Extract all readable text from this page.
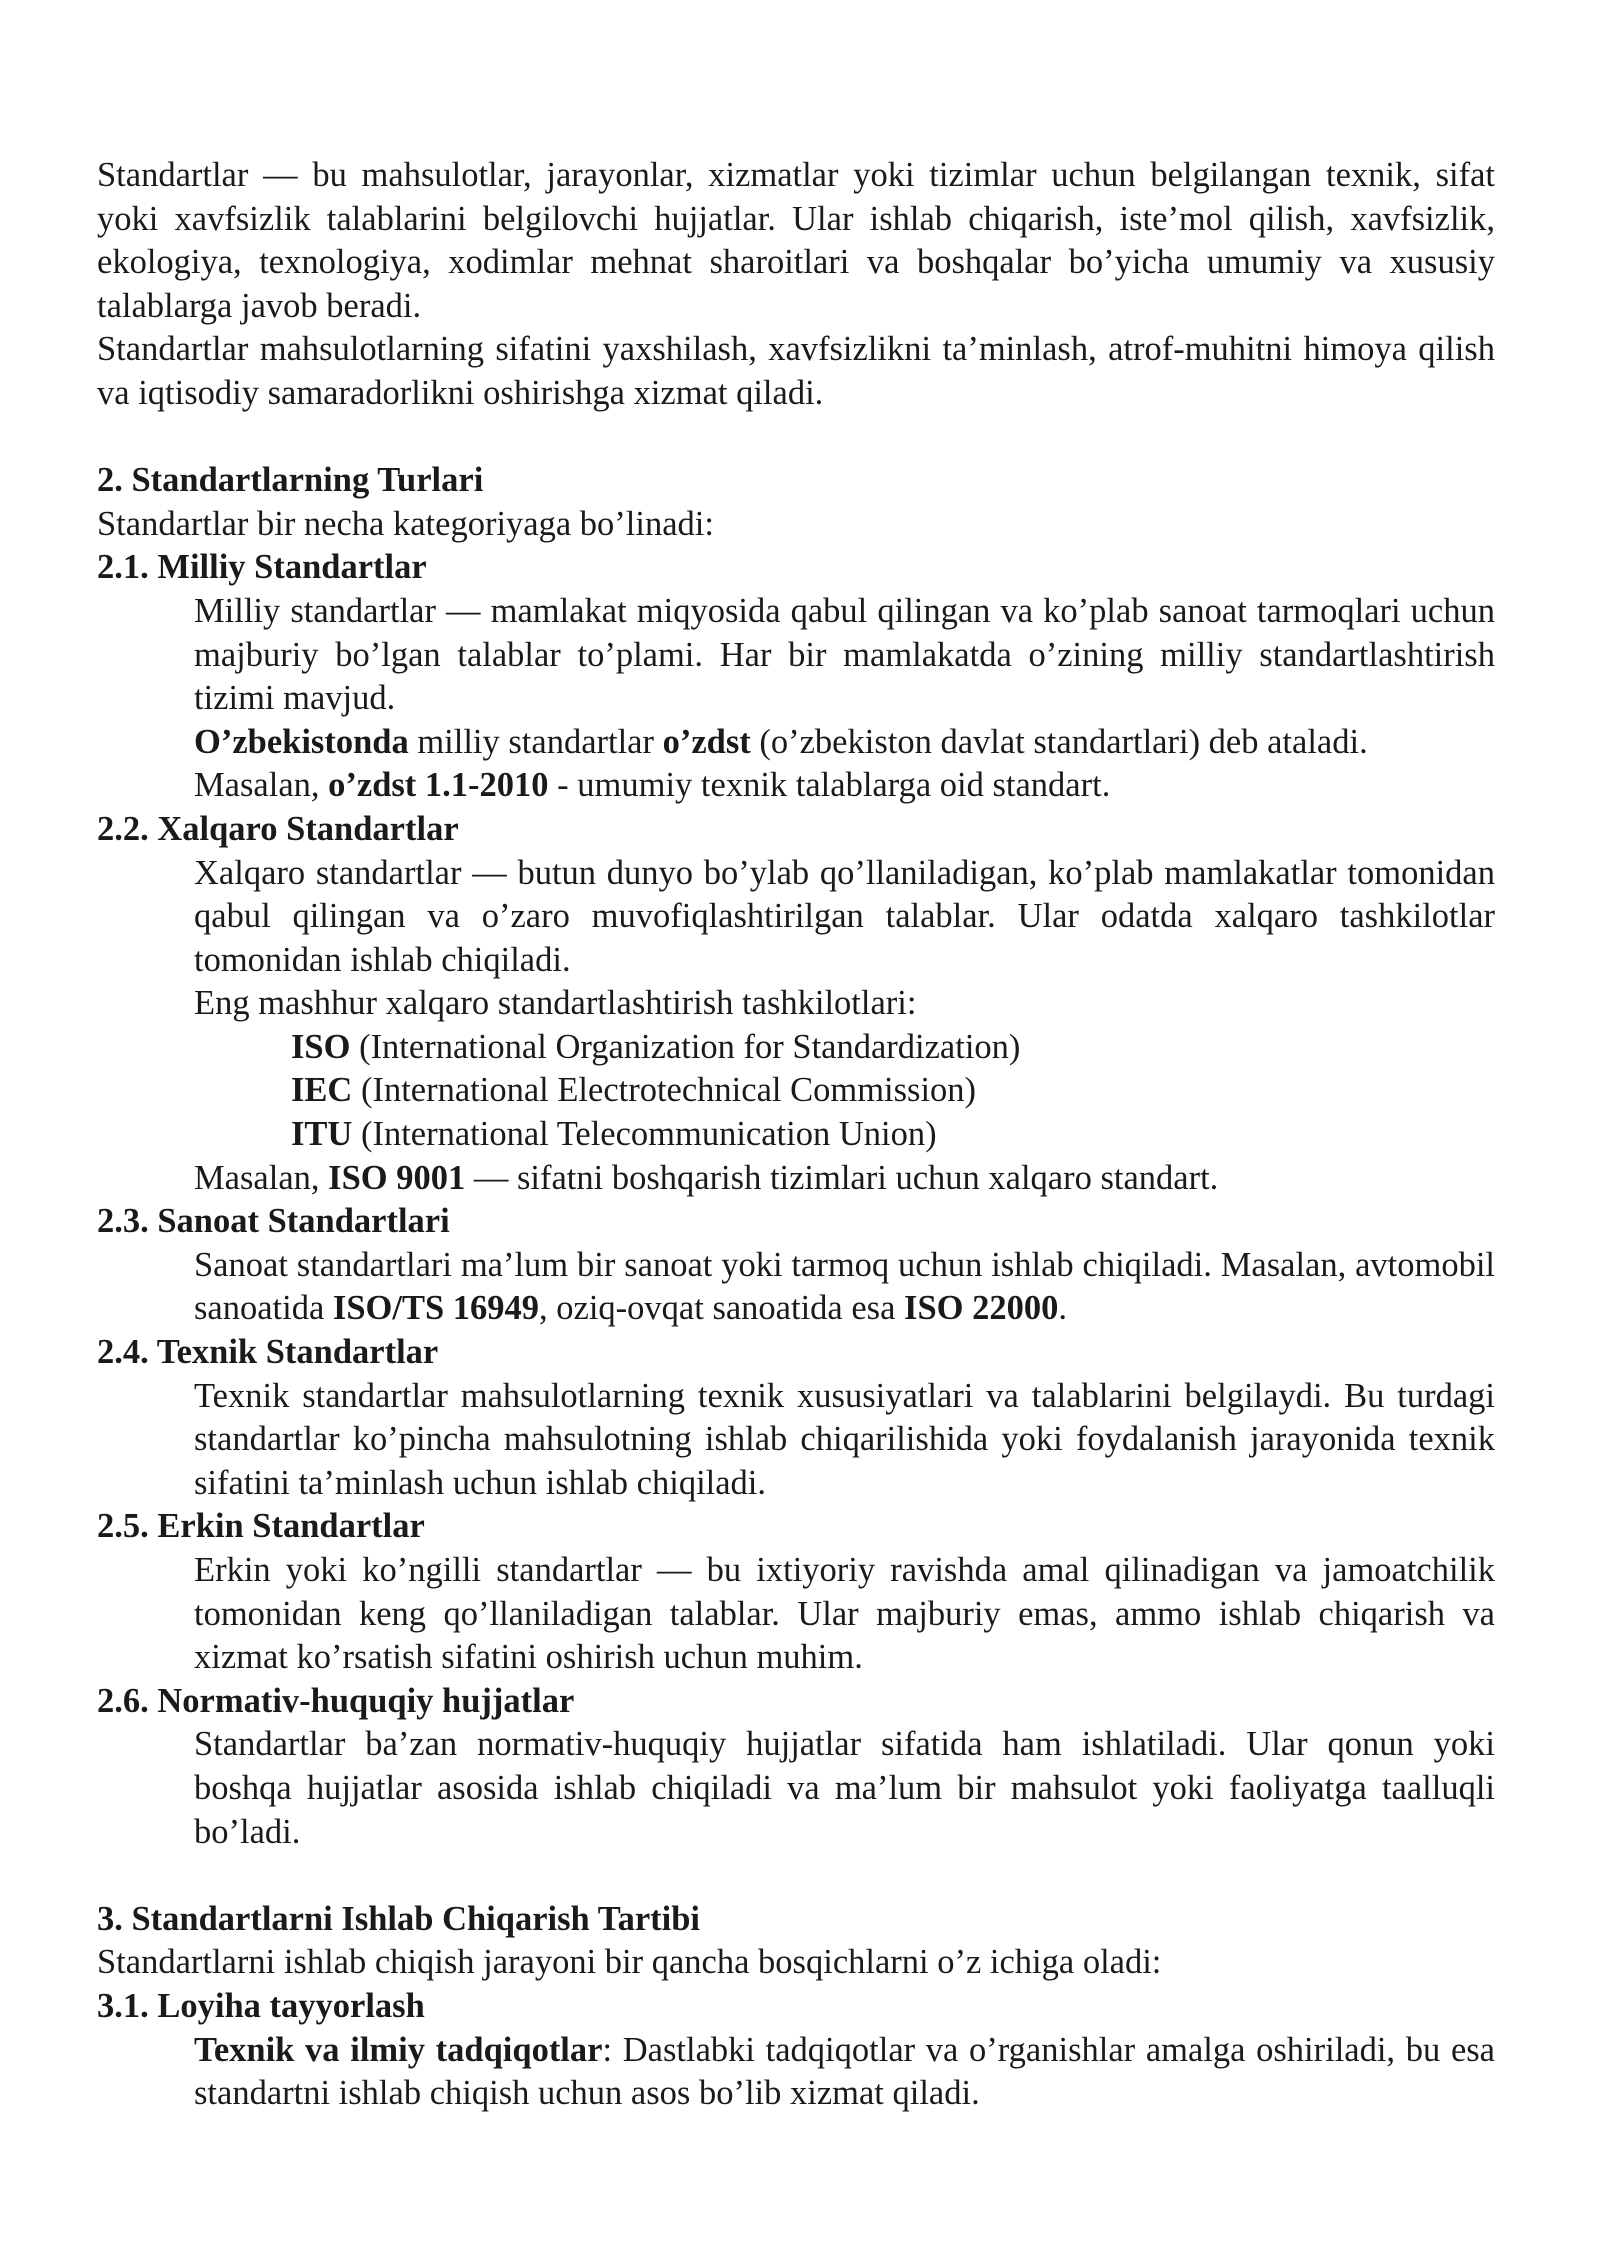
Standartlar — bu mahsulotlar, jarayonlar, xizmatlar yoki tizimlar uchun belgilangan texnik, sifat yoki xavfsizlik talablarini belgilovchi hujjatlar. Ular ishlab chiqarish, iste’mol qilish, xavfsizlik, ekologiya, texnologiya, xodimlar mehnat sharoitlari va boshqalar bo’yicha umumiy va xususiy talablarga javob beradi.

Standartlar mahsulotlarning sifatini yaxshilash, xavfsizlikni ta’minlash, atrof-muhitni himoya qilish va iqtisodiy samaradorlikni oshirishga xizmat qiladi.

2. Standartlarning Turlari

Standartlar bir necha kategoriyaga bo’linadi:

2.1. Milliy Standartlar

Milliy standartlar — mamlakat miqyosida qabul qilingan va ko’plab sanoat tarmoqlari uchun majburiy bo’lgan talablar to’plami. Har bir mamlakatda o’zining milliy standartlashtirish tizimi mavjud.

O’zbekistonda milliy standartlar o’zdst (o’zbekiston davlat standartlari) deb ataladi.

Masalan, o’zdst 1.1-2010 - umumiy texnik talablarga oid standart.

2.2. Xalqaro Standartlar

Xalqaro standartlar — butun dunyo bo’ylab qo’llaniladigan, ko’plab mamlakatlar tomonidan qabul qilingan va o’zaro muvofiqlashtirilgan talablar. Ular odatda xalqaro tashkilotlar tomonidan ishlab chiqiladi.

Eng mashhur xalqaro standartlashtirish tashkilotlari:

ISO (International Organization for Standardization)

IEC (International Electrotechnical Commission)

ITU (International Telecommunication Union)

Masalan, ISO 9001 — sifatni boshqarish tizimlari uchun xalqaro standart.

2.3. Sanoat Standartlari

Sanoat standartlari ma’lum bir sanoat yoki tarmoq uchun ishlab chiqiladi. Masalan, avtomobil sanoatida ISO/TS 16949, oziq-ovqat sanoatida esa ISO 22000.

2.4. Texnik Standartlar

Texnik standartlar mahsulotlarning texnik xususiyatlari va talablarini belgilaydi. Bu turdagi standartlar ko’pincha mahsulotning ishlab chiqarilishida yoki foydalanish jarayonida texnik sifatini ta’minlash uchun ishlab chiqiladi.

2.5. Erkin Standartlar

Erkin yoki ko’ngilli standartlar — bu ixtiyoriy ravishda amal qilinadigan va jamoatchilik tomonidan keng qo’llaniladigan talablar. Ular majburiy emas, ammo ishlab chiqarish va xizmat ko’rsatish sifatini oshirish uchun muhim.

2.6. Normativ-huquqiy hujjatlar

Standartlar ba’zan normativ-huquqiy hujjatlar sifatida ham ishlatiladi. Ular qonun yoki boshqa hujjatlar asosida ishlab chiqiladi va ma’lum bir mahsulot yoki faoliyatga taalluqli bo’ladi.

3. Standartlarni Ishlab Chiqarish Tartibi

Standartlarni ishlab chiqish jarayoni bir qancha bosqichlarni o’z ichiga oladi:

3.1. Loyiha tayyorlash

Texnik va ilmiy tadqiqotlar: Dastlabki tadqiqotlar va o’rganishlar amalga oshiriladi, bu esa standartni ishlab chiqish uchun asos bo’lib xizmat qiladi.
